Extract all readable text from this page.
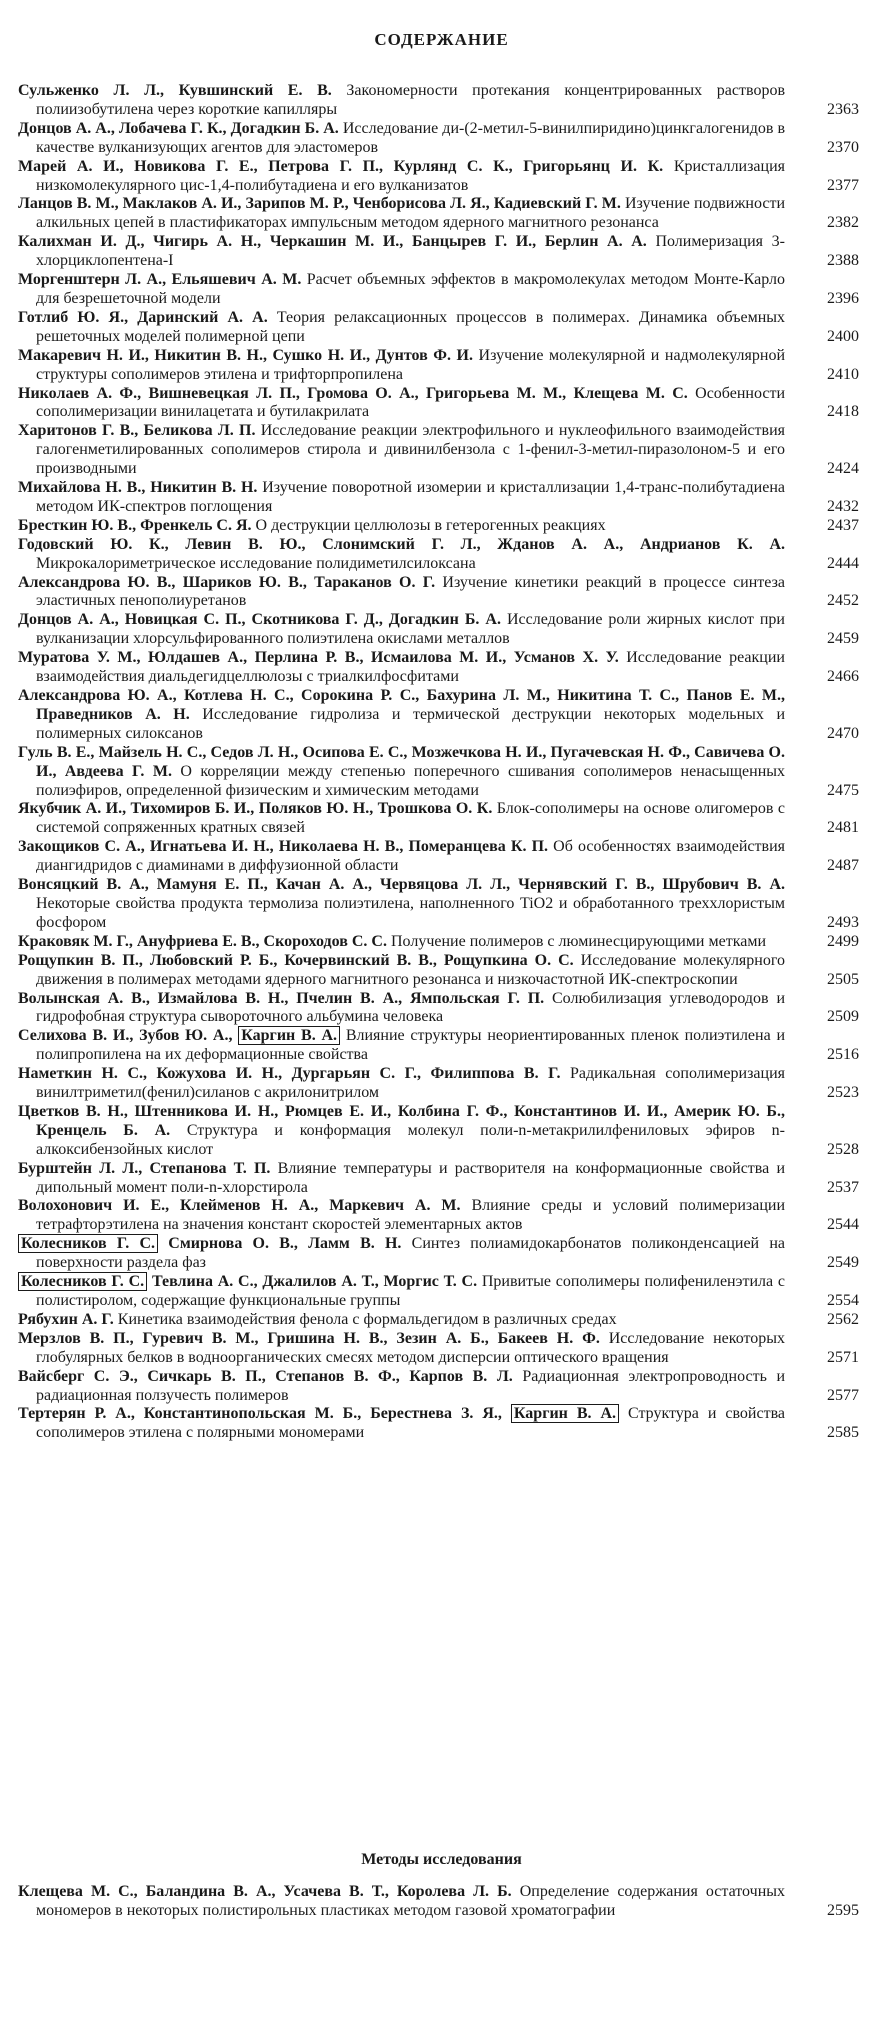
СОДЕРЖАНИЕ
Сульженко Л. Л., Кувшинский Е. В. Закономерности протекания концентрированных растворов полиизобутилена через короткие капилляры	2363
Донцов А. А., Лобачева Г. К., Догадкин Б. А. Исследование ди-(2-метил-5-винилпиридино)цинкгалогенидов в качестве вулканизующих агентов для эластомеров	2370
Марей А. И., Новикова Г. Е., Петрова Г. П., Курлянд С. К., Григорьянц И. К. Кристаллизация низкомолекулярного цис-1,4-полибутадиена и его вулканизатов	2377
Ланцов В. М., Маклаков А. И., Зарипов М. Р., Ченборисова Л. Я., Кадиевский Г. М. Изучение подвижности алкильных цепей в пластификаторах импульсным методом ядерного магнитного резонанса	2382
Калихман И. Д., Чигирь А. Н., Черкашин М. И., Банцырев Г. И., Берлин А. А. Полимеризация 3-хлорциклопентена-I	2388
Моргенштерн Л. А., Ельяшевич А. М. Расчет объемных эффектов в макромолекулах методом Монте-Карло для безрешеточной модели	2396
Готлиб Ю. Я., Даринский А. А. Теория релаксационных процессов в полимерах. Динамика объемных решеточных моделей полимерной цепи	2400
Макаревич Н. И., Никитин В. Н., Сушко Н. И., Дунтов Ф. И. Изучение молекулярной и надмолекулярной структуры сополимеров этилена и трифторпропилена	2410
Николаев А. Ф., Вишневецкая Л. П., Громова О. А., Григорьева М. М., Клещева М. С. Особенности сополимеризации винилацетата и бутилакрилата	2418
Харитонов Г. В., Беликова Л. П. Исследование реакции электрофильного и нуклеофильного взаимодействия галогенметилированных сополимеров стирола и дивинилбензола с 1-фенил-3-метил-пиразолоном-5 и его производными	2424
Михайлова Н. В., Никитин В. Н. Изучение поворотной изомерии и кристаллизации 1,4-транс-полибутадиена методом ИК-спектров поглощения	2432
Бресткин Ю. В., Френкель С. Я. О деструкции целлюлозы в гетерогенных реакциях	2437
Годовский Ю. К., Левин В. Ю., Слонимский Г. Л., Жданов А. А., Андрианов К. А. Микрокалориметрическое исследование полидиметилсилоксана	2444
Александрова Ю. В., Шариков Ю. В., Тараканов О. Г. Изучение кинетики реакций в процессе синтеза эластичных пенополиуретанов	2452
Донцов А. А., Новицкая С. П., Скотникова Г. Д., Догадкин Б. А. Исследование роли жирных кислот при вулканизации хлорсульфированного полиэтилена окислами металлов	2459
Муратова У. М., Юлдашев А., Перлина Р. В., Исмаилова М. И., Усманов Х. У. Исследование реакции взаимодействия диальдегидцеллюлозы с триалкилфосфитами	2466
Александрова Ю. А., Котлева Н. С., Сорокина Р. С., Бахурина Л. М., Никитина Т. С., Панов Е. М., Праведников А. Н. Исследование гидролиза и термической деструкции некоторых модельных и полимерных силоксанов	2470
Гуль В. Е., Майзель Н. С., Седов Л. Н., Осипова Е. С., Мозжечкова Н. И., Пугачевская Н. Ф., Савичева О. И., Авдеева Г. М. О корреляции между степенью поперечного сшивания сополимеров ненасыщенных полиэфиров, определенной физическим и химическим методами	2475
Якубчик А. И., Тихомиров Б. И., Поляков Ю. Н., Трошкова О. К. Блок-сополимеры на основе олигомеров с системой сопряженных кратных связей	2481
Закощиков С. А., Игнатьева И. Н., Николаева Н. В., Померанцева К. П. Об особенностях взаимодействия диангидридов с диаминами в диффузионной области	2487
Вонсяцкий В. А., Мамуня Е. П., Качан А. А., Червяцова Л. Л., Чернявский Г. В., Шрубович В. А. Некоторые свойства продукта термолиза полиэтилена, наполненного TiO2 и обработанного треххлористым фосфором	2493
Краковяк М. Г., Ануфриева Е. В., Скороходов С. С. Получение полимеров с люминесцирующими метками	2499
Рощупкин В. П., Любовский Р. Б., Кочервинский В. В., Рощупкина О. С. Исследование молекулярного движения в полимерах методами ядерного магнитного резонанса и низкочастотной ИК-спектроскопии	2505
Волынская А. В., Измайлова В. Н., Пчелин В. А., Ямпольская Г. П. Солюбилизация углеводородов и гидрофобная структура сывороточного альбумина человека	2509
Селихова В. И., Зубов Ю. А., Каргин В. А. Влияние структуры неориентированных пленок полиэтилена и полипропилена на их деформационные свойства	2516
Наметкин Н. С., Кожухова И. Н., Дургарьян С. Г., Филиппова В. Г. Радикальная сополимеризация винилтриметил(фенил)силанов с акрилонитрилом	2523
Цветков В. Н., Штенникова И. Н., Рюмцев Е. И., Колбина Г. Ф., Константинов И. И., Америк Ю. Б., Кренцель Б. А. Структура и конформация молекул поли-n-метакрилилфениловых эфиров n-алкоксибензойных кислот	2528
Бурштейн Л. Л., Степанова Т. П. Влияние температуры и растворителя на конформационные свойства и дипольный момент поли-n-хлорстирола	2537
Волохонович И. Е., Клейменов Н. А., Маркевич А. М. Влияние среды и условий полимеризации тетрафторэтилена на значения констант скоростей элементарных актов	2544
Колесников Г. С. Смирнова О. В., Ламм В. Н. Синтез полиамидокарбонатов поликонденсацией на поверхности раздела фаз	2549
Колесников Г. С. Тевлина А. С., Джалилов А. Т., Моргис Т. С. Привитые сополимеры полифениленэтила с полистиролом, содержащие функциональные группы	2554
Рябухин А. Г. Кинетика взаимодействия фенола с формальдегидом в различных средах	2562
Мерзлов В. П., Гуревич В. М., Гришина Н. В., Зезин А. Б., Бакеев Н. Ф. Исследование некоторых глобулярных белков в водноорганических смесях методом дисперсии оптического вращения	2571
Вайсберг С. Э., Сичкарь В. П., Степанов В. Ф., Карпов В. Л. Радиационная электропроводность и радиационная ползучесть полимеров	2577
Тертерян Р. А., Константинопольская М. Б., Берестнева З. Я., Каргин В. А. Структура и свойства сополимеров этилена с полярными мономерами	2585
Методы исследования
Клещева М. С., Баландина В. А., Усачева В. Т., Королева Л. Б. Определение содержания остаточных мономеров в некоторых полистирольных пластиках методом газовой хроматографии	2595
